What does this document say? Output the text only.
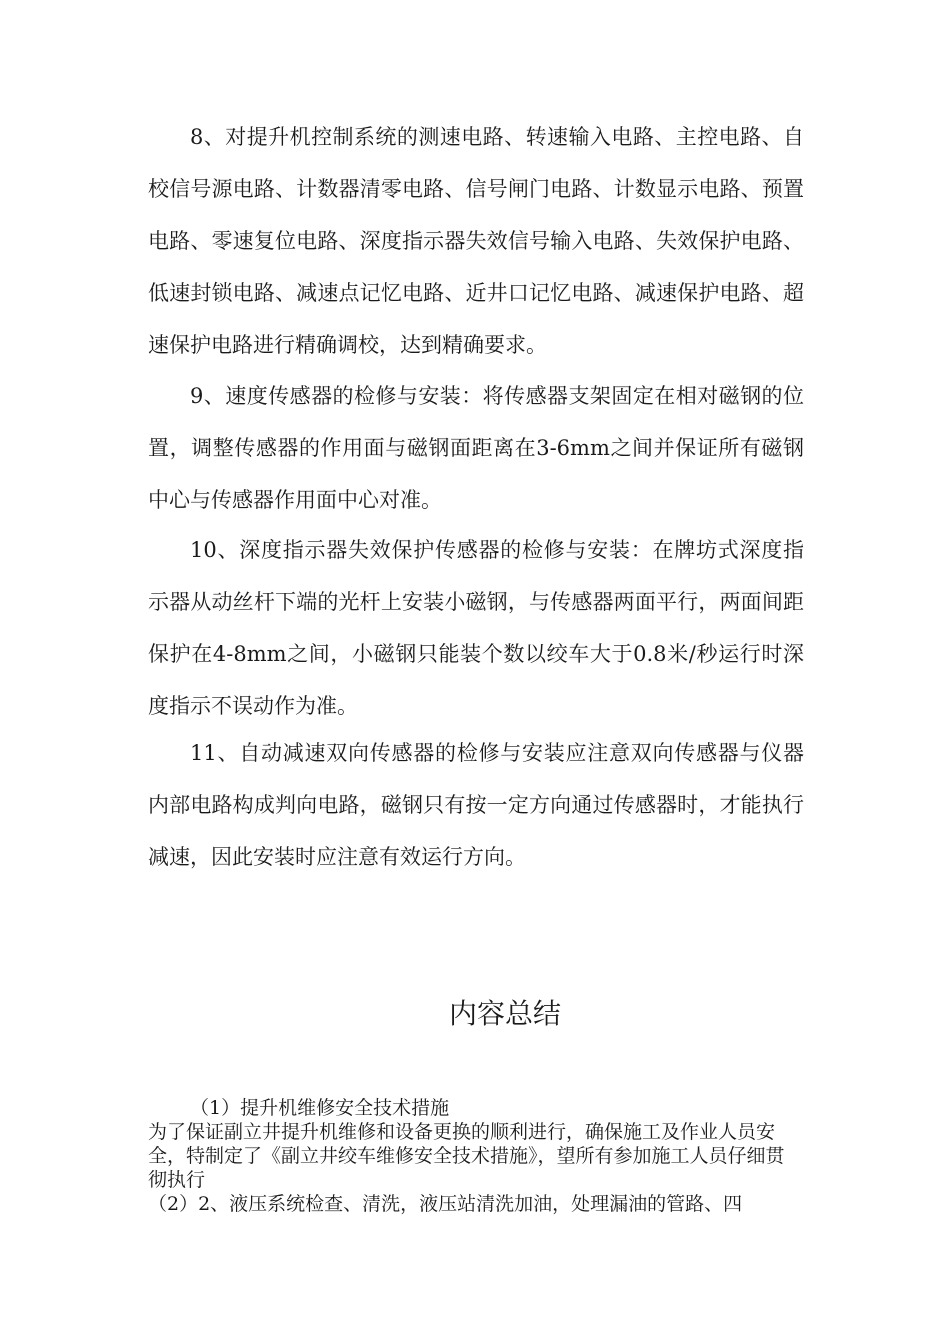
8、对提升机控制系统的测速电路、转速输入电路、主控电路、自校信号源电路、计数器清零电路、信号闸门电路、计数显示电路、预置电路、零速复位电路、深度指示器失效信号输入电路、失效保护电路、低速封锁电路、减速点记忆电路、近井口记忆电路、减速保护电路、超速保护电路进行精确调校，达到精确要求。

9、速度传感器的检修与安装：将传感器支架固定在相对磁钢的位置，调整传感器的作用面与磁钢面距离在3-6mm之间并保证所有磁钢中心与传感器作用面中心对准。

10、深度指示器失效保护传感器的检修与安装：在牌坊式深度指示器从动丝杆下端的光杆上安装小磁钢，与传感器两面平行，两面间距保护在4-8mm之间，小磁钢只能装个数以绞车大于0.8米/秒运行时深度指示不误动作为准。

11、自动减速双向传感器的检修与安装应注意双向传感器与仪器内部电路构成判向电路，磁钢只有按一定方向通过传感器时，才能执行减速，因此安装时应注意有效运行方向。

内容总结

（1）提升机维修安全技术措施

为了保证副立井提升机维修和设备更换的顺利进行，确保施工及作业人员安全，特制定了《副立井绞车维修安全技术措施》，望所有参加施工人员仔细贯彻执行

（2）2、液压系统检查、清洗，液压站清洗加油，处理漏油的管路、四
